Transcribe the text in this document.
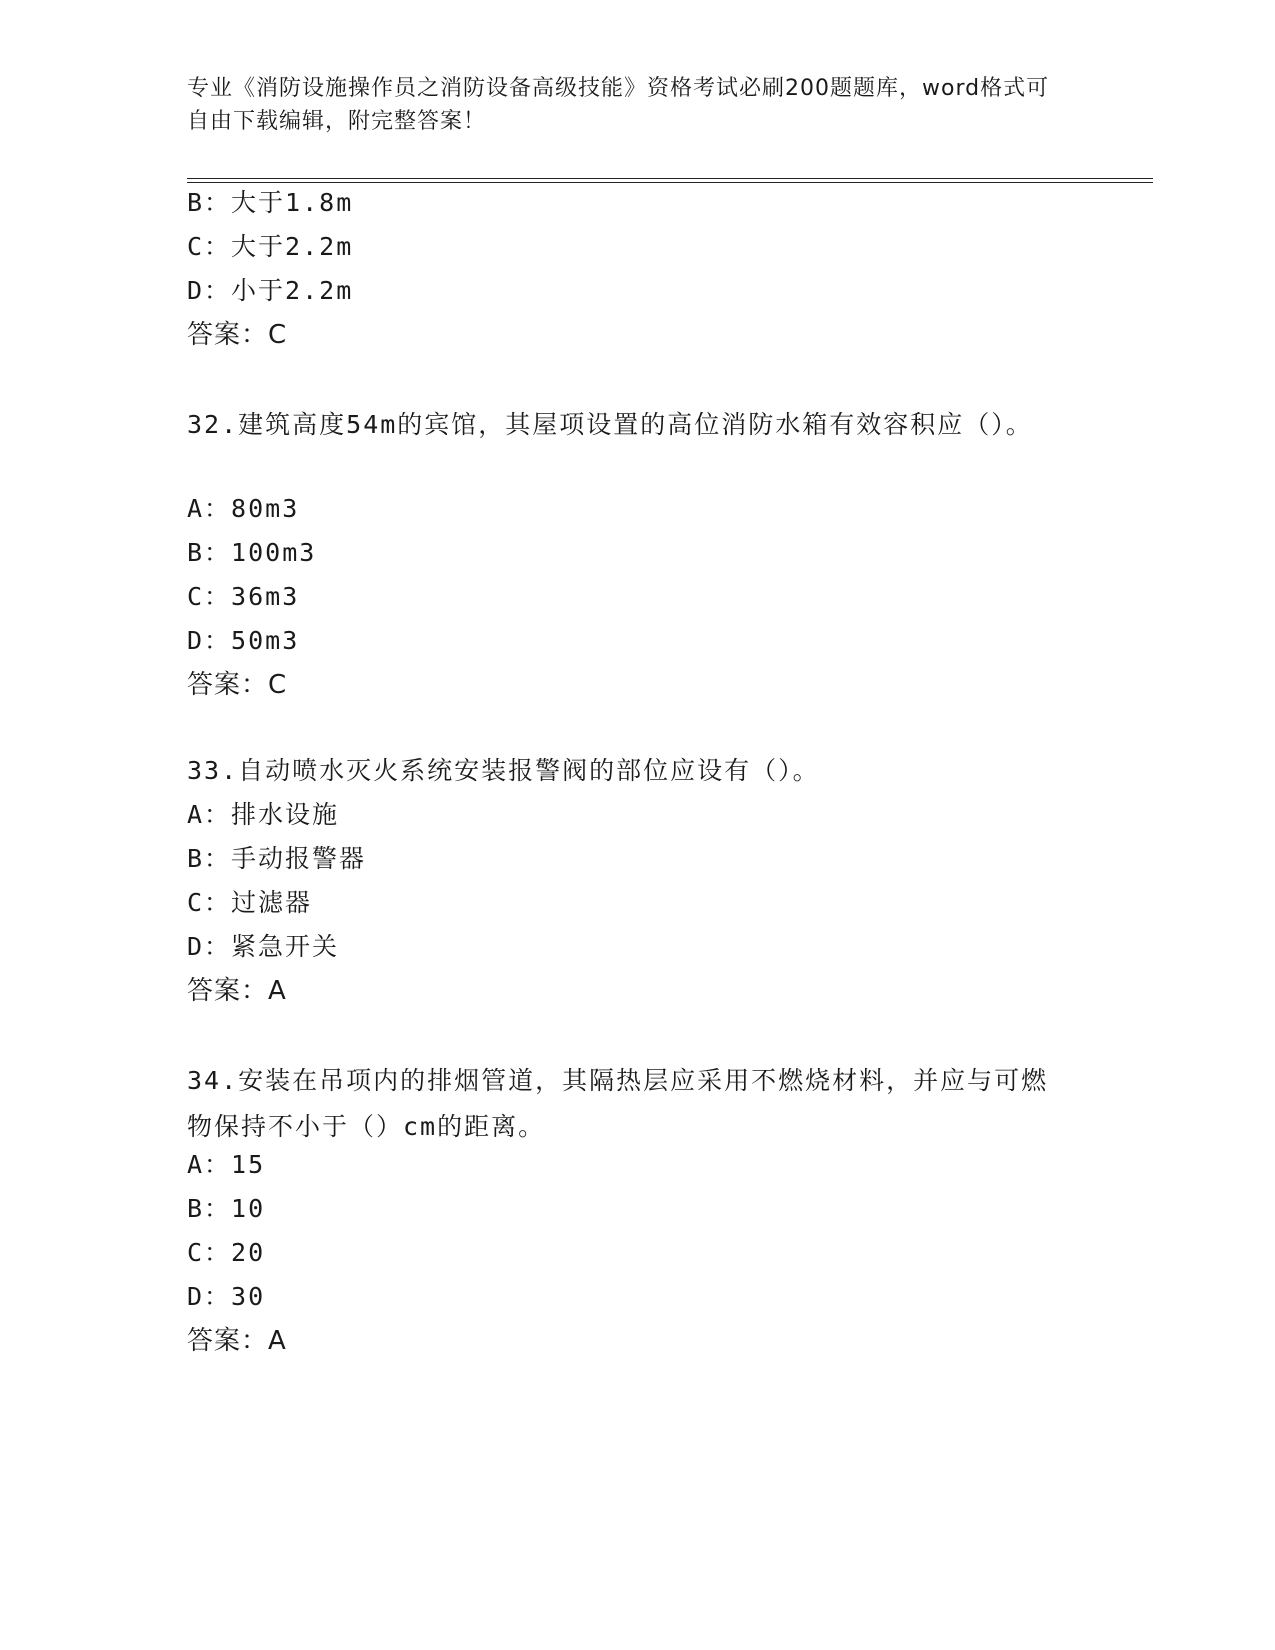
专业《消防设施操作员之消防设备高级技能》资格考试必刷200题题库，word格式可自由下载编辑，附完整答案！
B：大于1.8m
C：大于2.2m
D：小于2.2m
答案：C
32.建筑高度54m的宾馆，其屋项设置的高位消防水箱有效容积应（）。
A：80m3
B：100m3
C：36m3
D：50m3
答案：C
33.自动喷水灭火系统安装报警阀的部位应设有（）。
A：排水设施
B：手动报警器
C：过滤器
D：紧急开关
答案：A
34.安装在吊项内的排烟管道，其隔热层应采用不燃烧材料，并应与可燃物保持不小于（）cm的距离。
A：15
B：10
C：20
D：30
答案：A
